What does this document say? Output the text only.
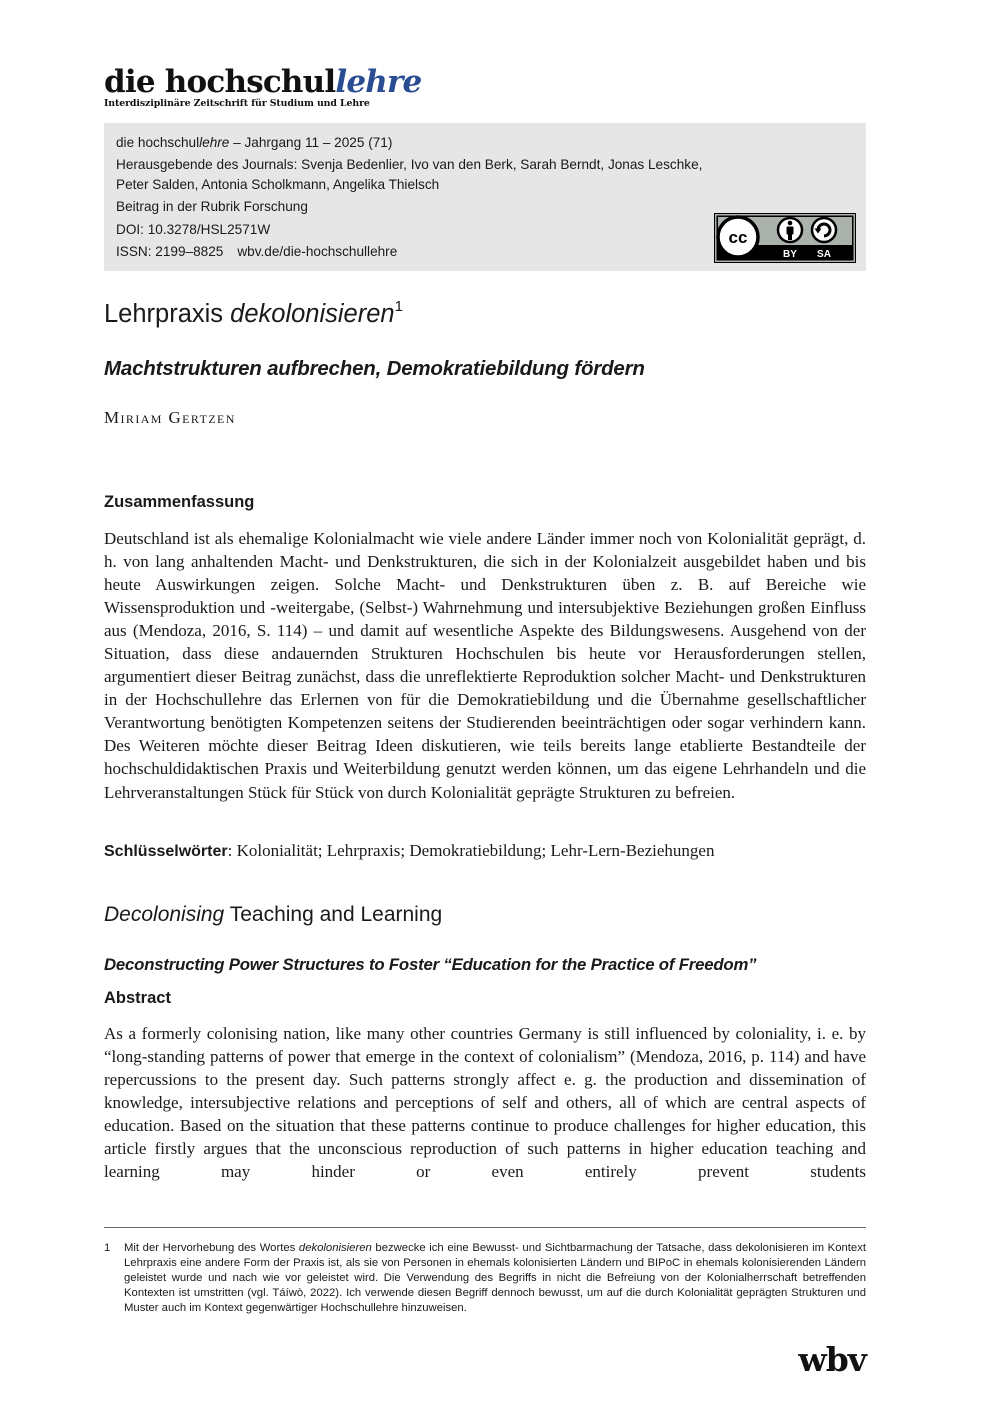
die hochschullehre
Interdisziplinäre Zeitschrift für Studium und Lehre
die hochschullehre – Jahrgang 11 – 2025 (71)
Herausgebende des Journals: Svenja Bedenlier, Ivo van den Berk, Sarah Berndt, Jonas Leschke,
Peter Salden, Antonia Scholkmann, Angelika Thielsch
Beitrag in der Rubrik Forschung
DOI: 10.3278/HSL2571W
ISSN: 2199–8825 wbv.de/die-hochschullehre
cc
BY SA
Lehrpraxis dekolonisieren$^1$
Machtstrukturen aufbrechen, Demokratiebildung fördern
Miriam Gertzen
Zusammenfassung
Deutschland ist als ehemalige Kolonialmacht wie viele andere Länder immer noch von Kolonialität geprägt, d. h. von lang anhaltenden Macht- und Denkstrukturen, die sich in der Kolonialzeit ausgebildet haben und bis heute Auswirkungen zeigen. Solche Macht- und Denkstrukturen üben z. B. auf Bereiche wie Wissensproduktion und -weitergabe, (Selbst-) Wahrnehmung und intersubjektive Beziehungen großen Einfluss aus (Mendoza, 2016, S. 114) – und damit auf wesentliche Aspekte des Bildungswesens. Ausgehend von der Situation, dass diese andauernden Strukturen Hochschulen bis heute vor Herausforderungen stellen, argumentiert dieser Beitrag zunächst, dass die unreflektierte Reproduktion solcher Macht- und Denkstrukturen in der Hochschullehre das Erlernen von für die Demokratiebildung und die Übernahme gesellschaftlicher Verantwortung benötigten Kompetenzen seitens der Studierenden beeinträchtigen oder sogar verhindern kann. Des Weiteren möchte dieser Beitrag Ideen diskutieren, wie teils bereits lange etablierte Bestandteile der hochschuldidaktischen Praxis und Weiterbildung genutzt werden können, um das eigene Lehrhandeln und die Lehrveranstaltungen Stück für Stück von durch Kolonialität geprägte Strukturen zu befreien.
Schlüsselwörter: Kolonialität; Lehrpraxis; Demokratiebildung; Lehr-Lern-Beziehungen
Decolonising Teaching and Learning
Deconstructing Power Structures to Foster “Education for the Practice of Freedom”
Abstract
As a formerly colonising nation, like many other countries Germany is still influenced by coloniality, i. e. by “long-standing patterns of power that emerge in the context of colonialism” (Mendoza, 2016, p. 114) and have repercussions to the present day. Such patterns strongly affect e. g. the production and dissemination of knowledge, intersubjective relations and perceptions of self and others, all of which are central aspects of education. Based on the situation that these patterns continue to produce challenges for higher education, this article firstly argues that the unconscious reproduction of such patterns in higher education teaching and learning may hinder or even entirely prevent students
1 Mit der Hervorhebung des Wortes dekolonisieren bezwecke ich eine Bewusst- und Sichtbarmachung der Tatsache, dass dekolonisieren im Kontext Lehrpraxis eine andere Form der Praxis ist, als sie von Personen in ehemals kolonisierten Ländern und BIPoC in ehemals kolonisierenden Ländern geleistet wurde und nach wie vor geleistet wird. Die Verwendung des Begriffs in nicht die Befreiung von der Kolonialherrschaft betreffenden Kontexten ist umstritten (vgl. Táíwò, 2022). Ich verwende diesen Begriff dennoch bewusst, um auf die durch Kolonialität geprägten Strukturen und Muster auch im Kontext gegenwärtiger Hochschullehre hinzuweisen.
wbv
